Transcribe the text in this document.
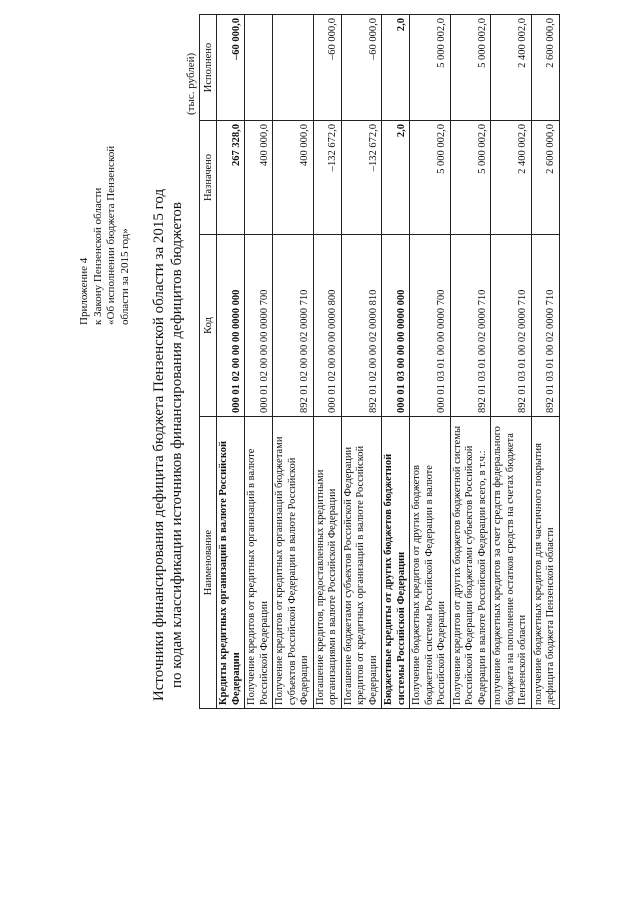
Приложение 4 к Закону Пензенской области «Об исполнении бюджета Пензенской области за 2015 год» Источники финансирования дефицита бюджета Пензенской области за 2015 год по кодам классификации источников финансирования дефицитов бюджетов
(тыс. рублей)
Наименование	Код	Назначено	Исполнено
Кредиты кредитных организаций в валюте Российской Федерации	000 01 02 00 00 00 0000 000	267 328,0	–60 000,0
Получение кредитов от кредитных организаций в валюте Российской Федерации	000 01 02 00 00 00 0000 700	400 000,0	
Получение кредитов от кредитных организаций бюджетами субъектов Российской Федерации в валюте Российской Федерации	892 01 02 00 00 02 0000 710	400 000,0	
Погашение кредитов, предоставленных кредитными организациями в валюте Российской Федерации	000 01 02 00 00 00 0000 800	–132 672,0	–60 000,0
Погашение бюджетами субъектов Российской Федерации кредитов от кредитных организаций в валюте Российской Федерации	892 01 02 00 00 02 0000 810	–132 672,0	–60 000,0
Бюджетные кредиты от других бюджетов бюджетной системы Российской Федерации	000 01 03 00 00 00 0000 000	2,0	2,0
Получение бюджетных кредитов от других бюджетов бюджетной системы Российской Федерации в валюте Российской Федерации	000 01 03 01 00 00 0000 700	5 000 002,0	5 000 002,0
Получение кредитов от других бюджетов бюджетной системы Российской Федерации бюджетами субъектов Российской Федерации в валюте Российской Федерации всего, в т.ч.:	892 01 03 01 00 02 0000 710	5 000 002,0	5 000 002,0
получение бюджетных кредитов за счет средств федерального бюджета на пополнение остатков средств на счетах бюджета Пензенской области	892 01 03 01 00 02 0000 710	2 400 002,0	2 400 002,0
получение бюджетных кредитов для частичного покрытия дефицита бюджета Пензенской области	892 01 03 01 00 02 0000 710	2 600 000,0	2 600 000,0
